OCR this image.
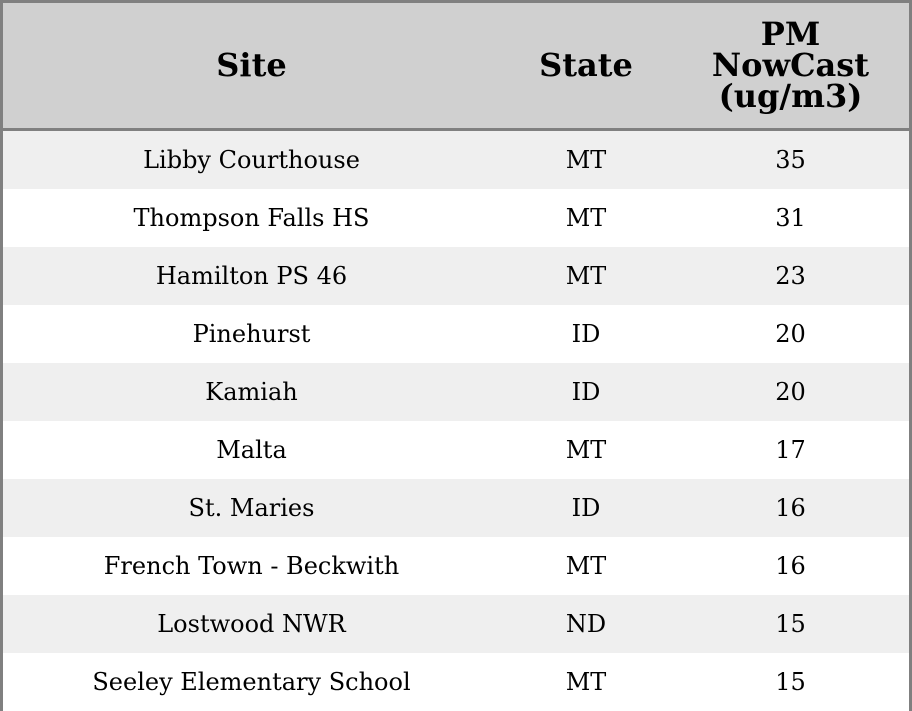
Site	State	PM
NowCast
(ug/m3)
Libby Courthouse	MT	35
Thompson Falls HS	MT	31
Hamilton PS 46	MT	23
Pinehurst	ID	20
Kamiah	ID	20
Malta	MT	17
St. Maries	ID	16
French Town - Beckwith	MT	16
Lostwood NWR	ND	15
Seeley Elementary School	MT	15
